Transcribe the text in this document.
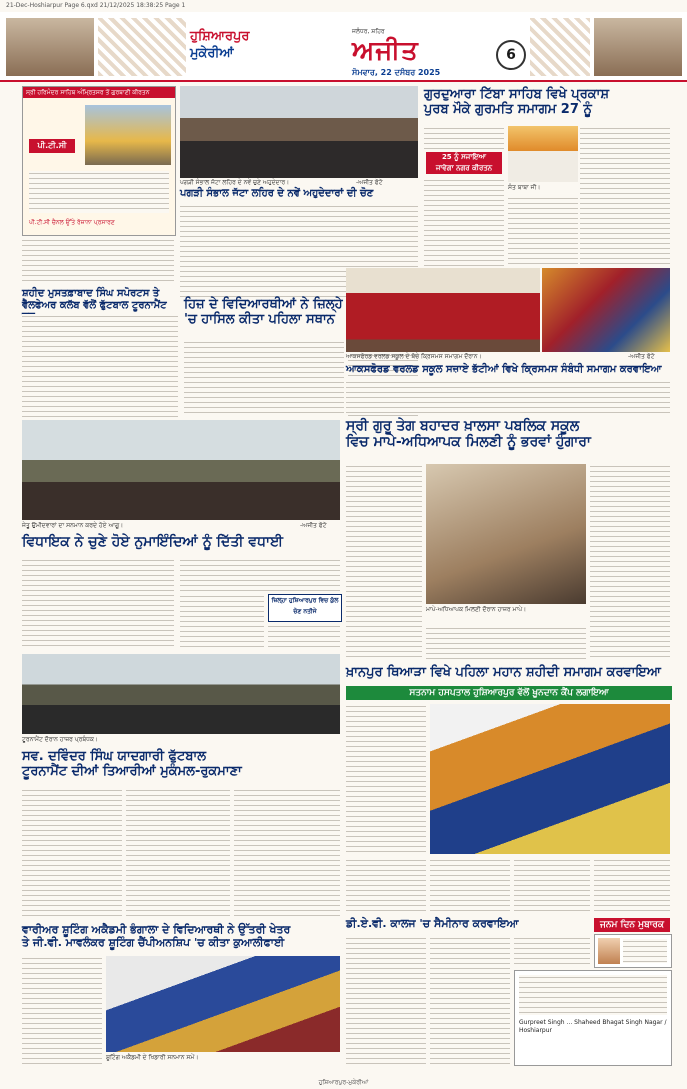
21-Dec-Hoshiarpur Page 6.qxd 21/12/2025 18:38:25 Page 1
ਹੁਸ਼ਿਆਰਪੁਰ
ਮੁਕੇਰੀਆਂ
ਜਲੰਧਰ, ਸ਼ਹਿਰ
ਅਜੀਤ
ਸੋਮਵਾਰ, 22 ਦਸੰਬਰ 2025
6
ਸ੍ਰੀ ਹਰਿਮੰਦਰ ਸਾਹਿਬ ਅੰਮ੍ਰਿਤਸਰ ਤੋਂ ਗੁਰਬਾਣੀ ਕੀਰਤਨ
ਪੀ.ਟੀ.ਸੀ
ਪੀ.ਟੀ.ਸੀ ਚੈਨਲ ਉੱਤੇ ਰੋਜ਼ਾਨਾ ਪ੍ਰਸਾਰਣ
ਪਗੜੀ ਸੰਭਾਲ ਜੱਟਾ ਲਹਿਰ ਦੇ ਨਵੇਂ ਚੁਣੇ ਅਹੁਦੇਦਾਰ।	-ਅਜੀਤ ਫੋਟੋ
ਪਗੜੀ ਸੰਭਾਲ ਜੱਟਾ ਲਹਿਰ ਦੇ ਨਵੇਂ ਅਹੁਦੇਦਾਰਾਂ ਦੀ ਚੋਣ
ਸ਼ਹੀਦ ਮੁਸਤਫ਼ਾਬਾਦ ਸਿੰਘ ਸਪੋਰਟਸ ਤੇ ਵੈੱਲਫੇਅਰ ਕਲੱਬ ਵੱਲੋਂ ਫੁੱਟਬਾਲ ਟੂਰਨਾਮੈਂਟ	ਹਿਜ਼ ਦੇ ਵਿਦਿਆਰਥੀਆਂ ਨੇ ਜ਼ਿਲ੍ਹੇ
'ਚ ਹਾਸਿਲ ਕੀਤਾ ਪਹਿਲਾ ਸਥਾਨ
ਗੁਰਦੁਆਰਾ ਟਿੱਬਾ ਸਾਹਿਬ ਵਿਖੇ ਪ੍ਰਕਾਸ਼
ਪੁਰਬ ਮੌਕੇ ਗੁਰਮਤਿ ਸਮਾਗਮ 27 ਨੂੰ
25 ਨੂੰ ਸਜਾਇਆ
ਜਾਵੇਗਾ ਨਗਰ ਕੀਰਤਨ
ਸੰਤ ਬਾਬਾ ਜੀ।
ਆਕਸਫੋਰਡ ਵਰਲਡ ਸਕੂਲ ਦੇ ਬੱਚੇ ਕ੍ਰਿਸਮਸ ਸਮਾਗਮ ਦੌਰਾਨ।	-ਅਜੀਤ ਫੋਟੋ
ਆਕਸਫੋਰਡ ਵਰਲਡ ਸਕੂਲ ਸਜ਼ਾਏ ਭੱਟੀਆਂ ਵਿਖੇ ਕ੍ਰਿਸਮਸ ਸੰਬੰਧੀ ਸਮਾਗਮ ਕਰਵਾਇਆ
ਜੇਤੂ ਉਮੀਦਵਾਰਾਂ ਦਾ ਸਨਮਾਨ ਕਰਦੇ ਹੋਏ ਆਗੂ।	-ਅਜੀਤ ਫੋਟੋ
ਵਿਧਾਇਕ ਨੇ ਚੁਣੇ ਹੋਏ ਨੁਮਾਇੰਦਿਆਂ ਨੂੰ ਦਿੱਤੀ ਵਧਾਈ
ਜ਼ਿਲ੍ਹਾ ਹੁਸ਼ਿਆਰਪੁਰ ਵਿਚ ਕੁੱਲ
ਚੋਣ ਨਤੀਜੇ
ਸ੍ਰੀ ਗੁਰੂ ਤੇਗ ਬਹਾਦਰ ਖ਼ਾਲਸਾ ਪਬਲਿਕ ਸਕੂਲ
ਵਿਚ ਮਾਪੇ-ਅਧਿਆਪਕ ਮਿਲਣੀ ਨੂੰ ਭਰਵਾਂ ਹੁੰਗਾਰਾ
ਮਾਪੇ-ਅਧਿਆਪਕ ਮਿਲਣੀ ਦੌਰਾਨ ਹਾਜ਼ਰ ਮਾਪੇ।
ਟੂਰਨਾਮੈਂਟ ਦੌਰਾਨ ਹਾਜ਼ਰ ਪ੍ਰਬੰਧਕ।
ਸਵ. ਦਵਿੰਦਰ ਸਿੰਘ ਯਾਦਗਾਰੀ ਫੁੱਟਬਾਲ
ਟੂਰਨਾਮੈਂਟ ਦੀਆਂ ਤਿਆਰੀਆਂ ਮੁਕੰਮਲ-ਰੁਕਮਾਣਾ
ਖ਼ਾਨਪੁਰ ਥਿਆੜਾ ਵਿਖੇ ਪਹਿਲਾ ਮਹਾਨ ਸ਼ਹੀਦੀ ਸਮਾਗਮ ਕਰਵਾਇਆ
ਸਤਨਾਮ ਹਸਪਤਾਲ ਹੁਸ਼ਿਆਰਪੁਰ ਵੱਲੋਂ ਖ਼ੂਨਦਾਨ ਕੈਂਪ ਲਗਾਇਆ
ਵਾਰੀਅਰ ਸ਼ੂਟਿੰਗ ਅਕੈਡਮੀ ਭੰਗਾਲਾ ਦੇ ਵਿਦਿਆਰਥੀ ਨੇ ਉੱਤਰੀ ਖੇਤਰ
ਤੇ ਜੀ.ਵੀ. ਮਾਵਲੰਕਰ ਸ਼ੂਟਿੰਗ ਚੈਂਪੀਅਨਸ਼ਿਪ 'ਚ ਕੀਤਾ ਕੁਆਲੀਫਾਈ
ਸ਼ੂਟਿੰਗ ਅਕੈਡਮੀ ਦੇ ਖਿਡਾਰੀ ਸਨਮਾਨ ਸਮੇਂ।
ਡੀ.ਏ.ਵੀ. ਕਾਲਜ 'ਚ ਸੈਮੀਨਾਰ ਕਰਵਾਇਆ	ਜਨਮ ਦਿਨ ਮੁਬਾਰਕ
Gurpreet Singh ... Shaheed Bhagat Singh Nagar / Hoshiarpur
ਹੁਸ਼ਿਆਰਪੁਰ-ਮੁਕੇਰੀਆਂ
